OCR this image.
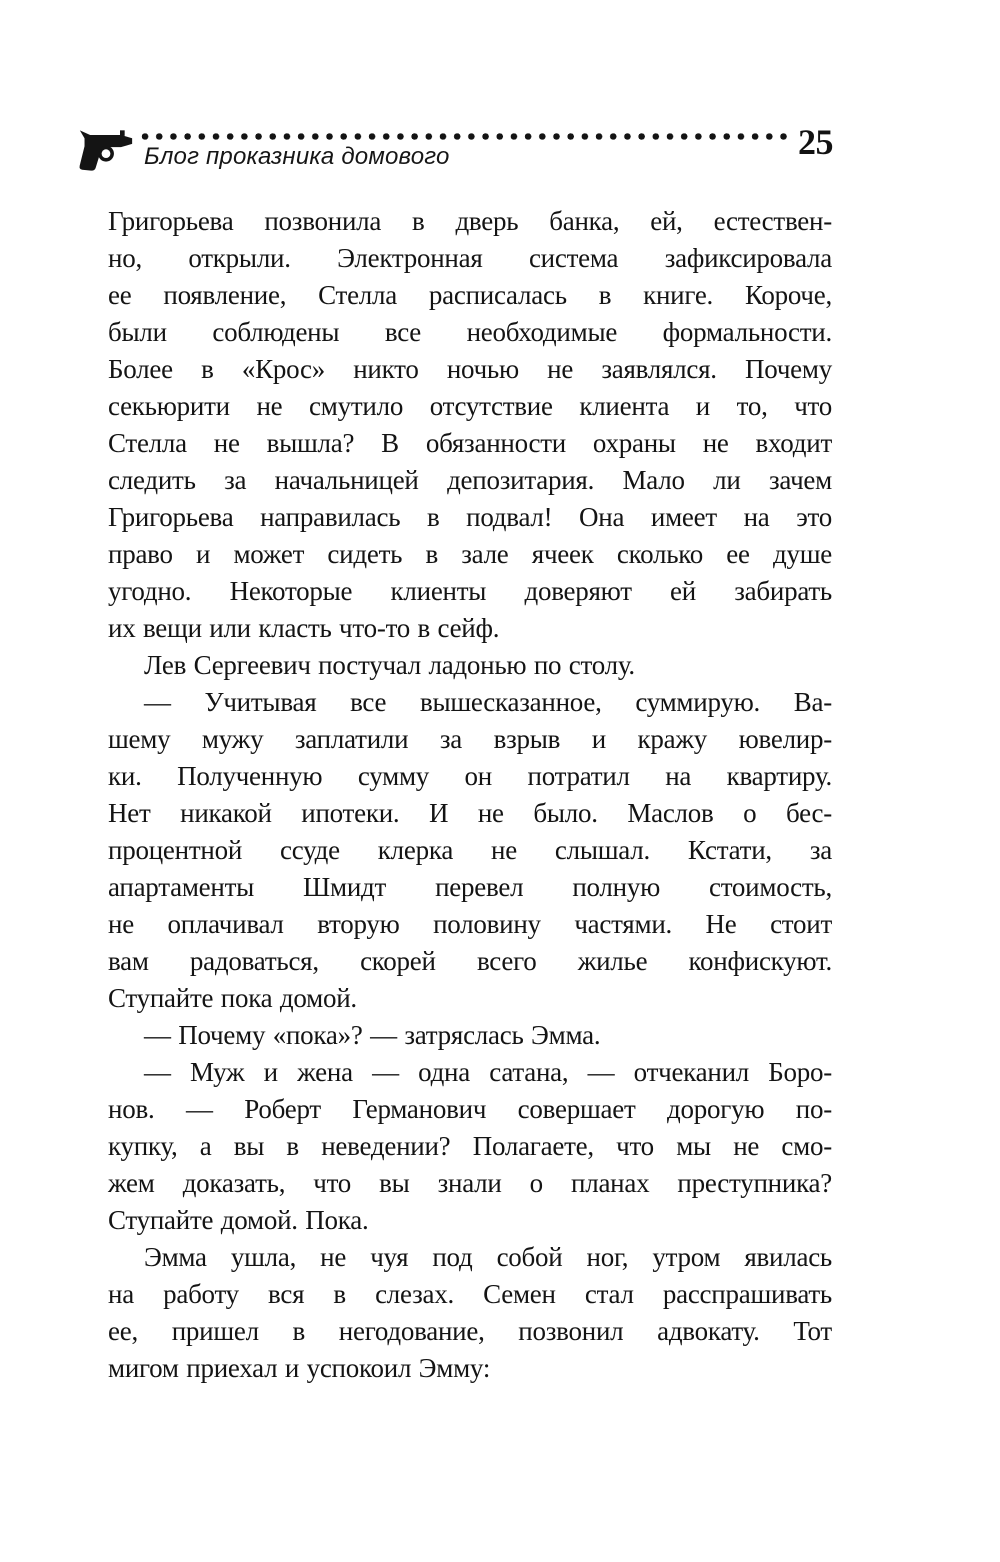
Блог проказника домового	25
Григорьева позвонила в дверь банка, ей, естествен-
но, открыли. Электронная система зафиксировала
ее появление, Стелла расписалась в книге. Короче,
были соблюдены все необходимые формальности.
Более в «Крос» никто ночью не заявлялся. Почему
секьюрити не смутило отсутствие клиента и то, что
Стелла не вышла? В обязанности охраны не входит
следить за начальницей депозитария. Мало ли зачем
Григорьева направилась в подвал! Она имеет на это
право и может сидеть в зале ячеек сколько ее душе
угодно. Некоторые клиенты доверяют ей забирать
их вещи или класть что-то в сейф.
Лев Сергеевич постучал ладонью по столу.
— Учитывая все вышесказанное, суммирую. Ва-
шему мужу заплатили за взрыв и кражу ювелир-
ки. Полученную сумму он потратил на квартиру.
Нет никакой ипотеки. И не было. Маслов о бес-
процентной ссуде клерка не слышал. Кстати, за
апартаменты Шмидт перевел полную стоимость,
не оплачивал вторую половину частями. Не стоит
вам радоваться, скорей всего жилье конфискуют.
Ступайте пока домой.
— Почему «пока»? — затряслась Эмма.
— Муж и жена — одна сатана, — отчеканил Боро-
нов. — Роберт Германович совершает дорогую по-
купку, а вы в неведении? Полагаете, что мы не смо-
жем доказать, что вы знали о планах преступника?
Ступайте домой. Пока.
Эмма ушла, не чуя под собой ног, утром явилась
на работу вся в слезах. Семен стал расспрашивать
ее, пришел в негодование, позвонил адвокату. Тот
мигом приехал и успокоил Эмму:
